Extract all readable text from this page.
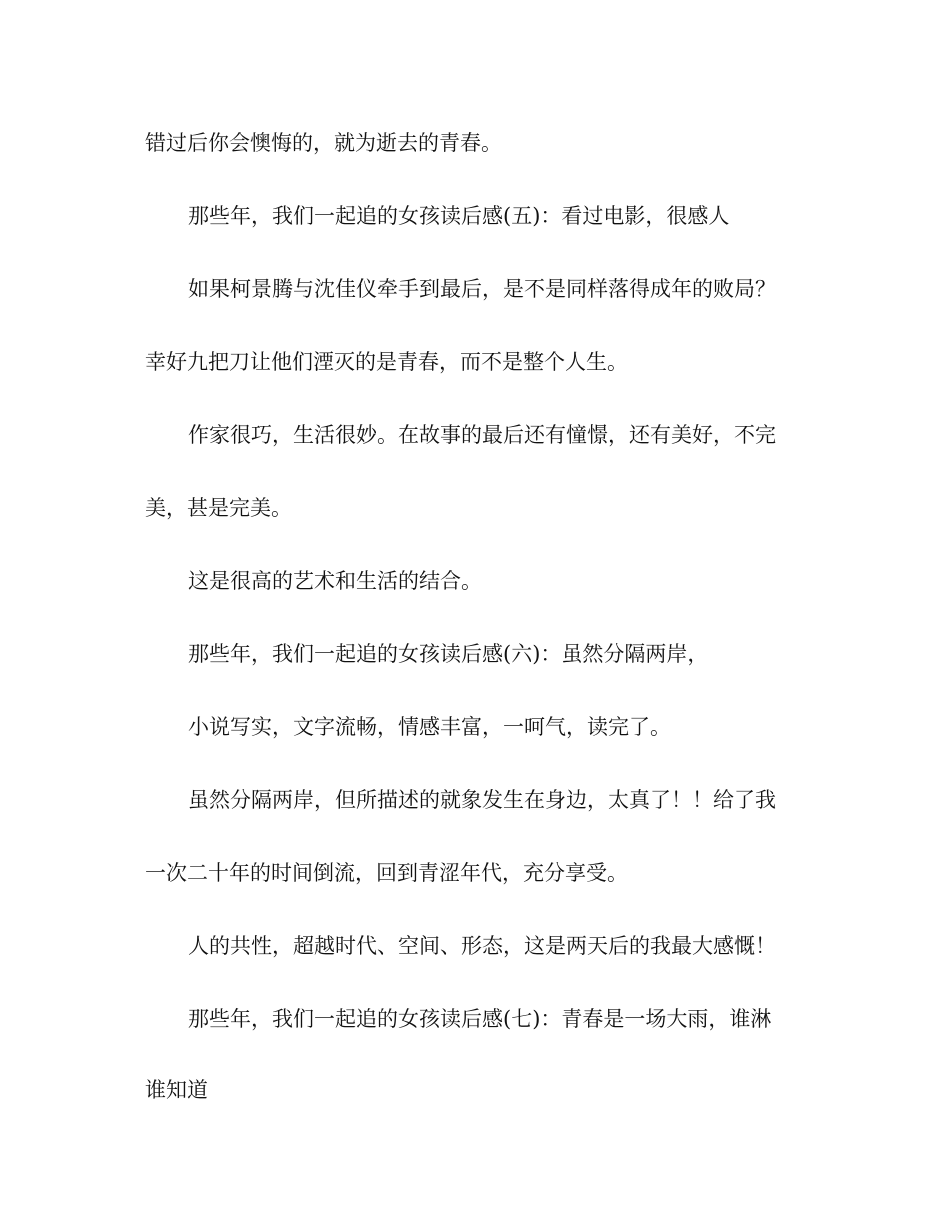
错过后你会懊悔的，就为逝去的青春。

那些年，我们一起追的女孩读后感(五)：看过电影，很感人

如果柯景腾与沈佳仪牵手到最后，是不是同样落得成年的败局？

幸好九把刀让他们湮灭的是青春，而不是整个人生。

作家很巧，生活很妙。在故事的最后还有憧憬，还有美好，不完

美，甚是完美。

这是很高的艺术和生活的结合。

那些年，我们一起追的女孩读后感(六)：虽然分隔两岸，

小说写实，文字流畅，情感丰富，一呵气，读完了。

虽然分隔两岸，但所描述的就象发生在身边，太真了！！给了我

一次二十年的时间倒流，回到青涩年代，充分享受。

人的共性，超越时代、空间、形态，这是两天后的我最大感慨！

那些年，我们一起追的女孩读后感(七)：青春是一场大雨，谁淋

谁知道
